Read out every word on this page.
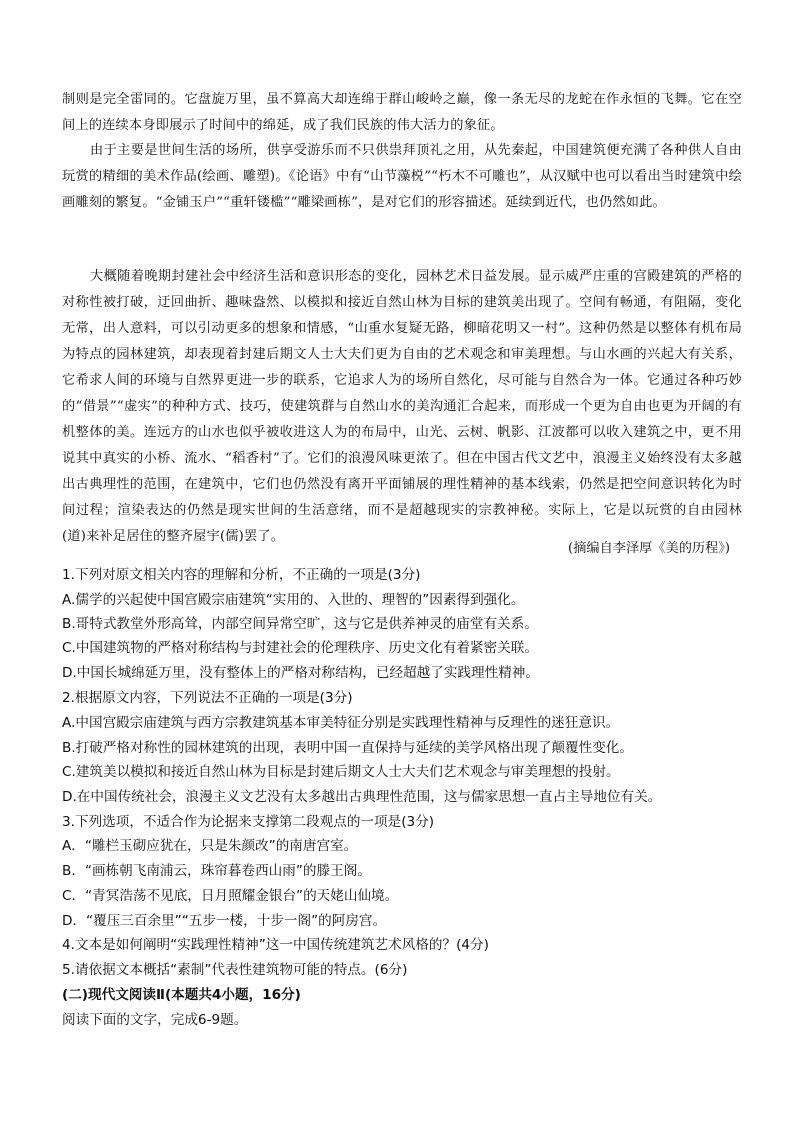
制则是完全雷同的。它盘旋万里，虽不算高大却连绵于群山峻岭之巅，像一条无尽的龙蛇在作永恒的飞舞。它在空间上的连续本身即展示了时间中的绵延，成了我们民族的伟大活力的象征。
由于主要是世间生活的场所，供享受游乐而不只供祟拜顶礼之用，从先秦起，中国建筑便充满了各种供人自由玩赏的精细的美术作品(绘画、雕塑)。《论语》中有“山节藻棁”“朽木不可雕也”，从汉赋中也可以看出当时建筑中绘画雕刻的繁复。“金铺玉户”“重轩镂槛”“雕梁画栋”，是对它们的形容描述。延续到近代，也仍然如此。
大概随着晚期封建社会中经济生活和意识形态的变化，园林艺术日益发展。显示威严庄重的宫殿建筑的严格的对称性被打破，迂回曲折、趣味盎然、以模拟和接近自然山林为目标的建筑美出现了。空间有畅通，有阻隔，变化无常，出人意料，可以引动更多的想象和情感，“山重水复疑无路，柳暗花明又一村”。这种仍然是以整体有机布局为特点的园林建筑，却表现着封建后期文人士大夫们更为自由的艺术观念和审美理想。与山水画的兴起大有关系，它希求人间的环境与自然界更进一步的联系，它追求人为的场所自然化，尽可能与自然合为一体。它通过各种巧妙的“借景”“虚实”的种种方式、技巧，使建筑群与自然山水的美沟通汇合起来，而形成一个更为自由也更为开阔的有机整体的美。连远方的山水也似乎被收进这人为的布局中，山光、云树、帆影、江波都可以收入建筑之中，更不用说其中真实的小桥、流水、“稻香村”了。它们的浪漫风味更浓了。但在中国古代文艺中，浪漫主义始终没有太多越出古典理性的范围，在建筑中，它们也仍然没有离开平面铺展的理性精神的基本线索，仍然是把空间意识转化为时间过程；渲染表达的仍然是现实世间的生活意绪，而不是超越现实的宗教神秘。实际上，它是以玩赏的自由园林(道)来补足居住的整齐屋宇(儒)罢了。
(摘编自李泽厚《美的历程》)
1.下列对原文相关内容的理解和分析，不正确的一项是(3分)
A.儒学的兴起使中国宫殿宗庙建筑“实用的、入世的、理智的”因素得到强化。
B.哥特式教堂外形高耸，内部空间异常空旷，这与它是供养神灵的庙堂有关系。
C.中国建筑物的严格对称结构与封建社会的伦理秩序、历史文化有着紧密关联。
D.中国长城绵延万里，没有整体上的严格对称结构，已经超越了实践理性精神。
2.根据原文内容，下列说法不正确的一项是(3分)
A.中国宫殿宗庙建筑与西方宗教建筑基本审美特征分别是实践理性精神与反理性的迷狂意识。
B.打破严格对称性的园林建筑的出现，表明中国一直保持与延续的美学风格出现了颠覆性变化。
C.建筑美以模拟和接近自然山林为目标是封建后期文人士大夫们艺术观念与审美理想的投射。
D.在中国传统社会，浪漫主义文艺没有太多越出古典理性范围，这与儒家思想一直占主导地位有关。
3.下列选项，不适合作为论据来支撑第二段观点的一项是(3分)
A．“雕栏玉砌应犹在，只是朱颜改”的南唐宫室。
B．“画栋朝飞南浦云，珠帘暮卷西山雨”的滕王阁。
C．“青冥浩荡不见底，日月照耀金银台”的天姥山仙境。
D．“覆压三百余里”“五步一楼，十步一阁”的阿房宫。
4.文本是如何阐明“实践理性精神”这一中国传统建筑艺术风格的？(4分)
5.请依据文本概括“素制”代表性建筑物可能的特点。(6分)
(二)现代文阅读Ⅱ(本题共4小题，16分)
阅读下面的文字，完成6-9题。
